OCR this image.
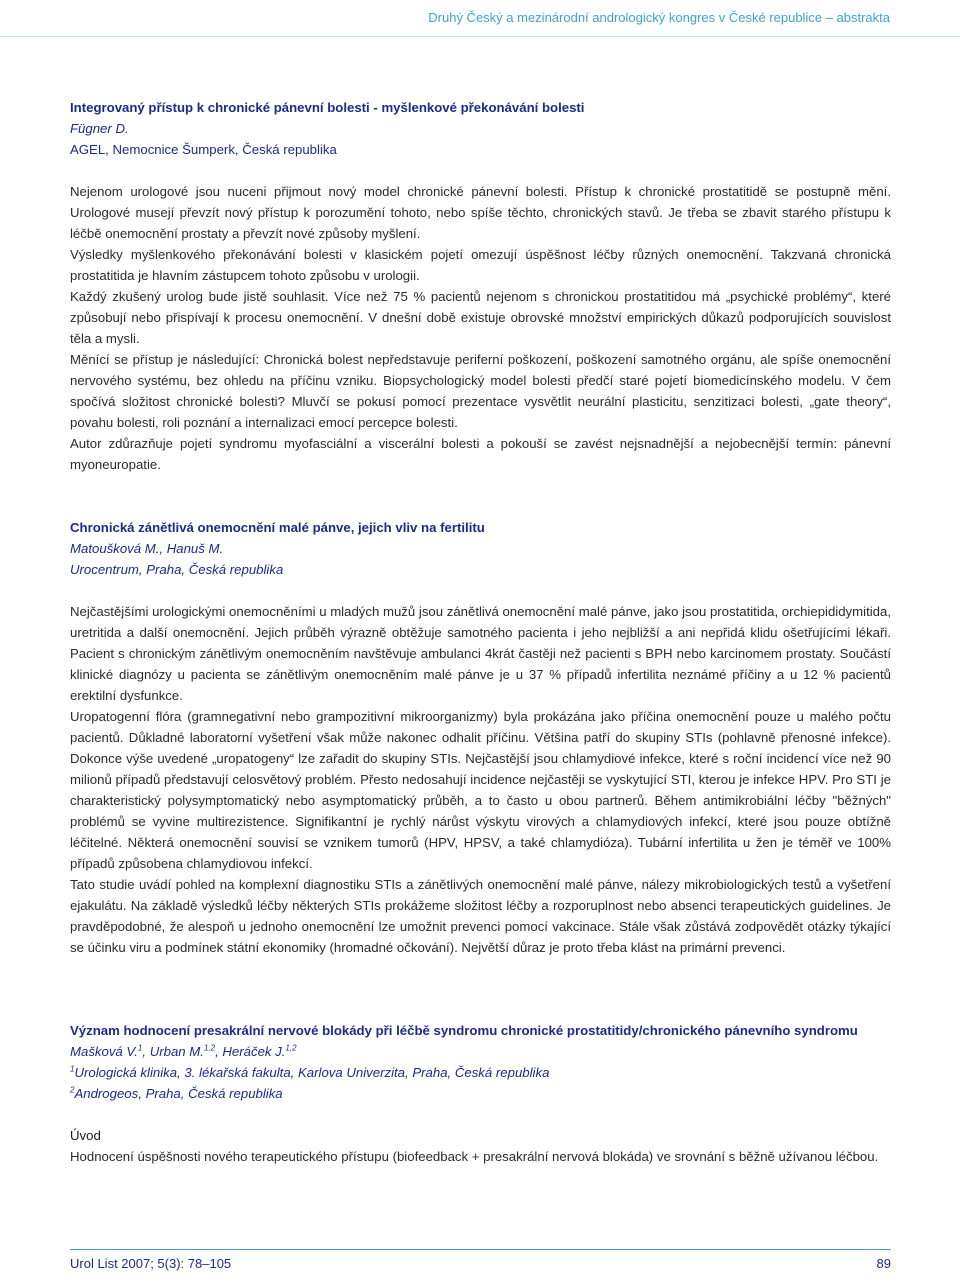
Druhý Český a mezinárodní andrologický kongres v České republice – abstrakta

Integrovaný přístup k chronické pánevní bolesti - myšlenkové překonávání bolesti

Fügner D.

AGEL, Nemocnice Šumperk, Česká republika

Nejenom urologové jsou nuceni přijmout nový model chronické pánevní bolesti. Přístup k chronické prostatitidě se postupně mění. Urologové musejí převzít nový přístup k porozumění tohoto, nebo spíše těchto, chronických stavů. Je třeba se zbavit starého přístupu k léčbě onemocnění prostaty a převzít nové způsoby myšlení.

Výsledky myšlenkového překonávání bolesti v klasickém pojetí omezují úspěšnost léčby různých onemocnění. Takzvaná chronická prostatitida je hlavním zástupcem tohoto způsobu v urologii.

Každý zkušený urolog bude jistě souhlasit. Více než 75 % pacientů nejenom s chronickou prostatitidou má „psychické problémy“, které způsobují nebo přispívají k procesu onemocnění. V dnešní době existuje obrovské množství empirických důkazů podporujících souvislost těla a mysli.

Měnící se přístup je následující: Chronická bolest nepředstavuje periferní poškození, poškození samotného orgánu, ale spíše onemocnění nervového systému, bez ohledu na příčinu vzniku. Biopsychologický model bolesti předčí staré pojetí biomedicínského modelu. V čem spočívá složitost chronické bolesti? Mluvčí se pokusí pomocí prezentace vysvětlit neurální plasticitu, senzitizaci bolesti, „gate theory“, povahu bolesti, roli poznání a internalizaci emocí percepce bolesti.

Autor zdůrazňuje pojetí syndromu myofasciální a viscerální bolesti a pokouší se zavést nejsnadnější a nejobecnější termín: pánevní myoneuropatie.

Chronická zánětlivá onemocnění malé pánve, jejich vliv na fertilitu

Matoušková M., Hanuš M.

Urocentrum, Praha, Česká republika

Nejčastějšími urologickými onemocněními u mladých mužů jsou zánětlivá onemocnění malé pánve, jako jsou prostatitida, orchiepididymitida, uretritida a další onemocnění. Jejich průběh výrazně obtěžuje samotného pacienta i jeho nejbližší a ani nepřidá klidu ošetřujícími lékaři. Pacient s chronickým zánětlivým onemocněním navštěvuje ambulanci 4krát častěji než pacienti s BPH nebo karcinomem prostaty. Součástí klinické diagnózy u pacienta se zánětlivým onemocněním malé pánve je u 37 % případů infertilita neznámé příčiny a u 12 % pacientů erektilní dysfunkce.

Uropatogenní flóra (gramnegativní nebo grampozitivní mikroorganizmy) byla prokázána jako příčina onemocnění pouze u malého počtu pacientů. Důkladné laboratorní vyšetření však může nakonec odhalit příčinu. Většina patří do skupiny STIs (pohlavně přenosné infekce). Dokonce výše uvedené „uropatogeny“ lze zařadit do skupiny STIs. Nejčastější jsou chlamydiové infekce, které s roční incidencí více než 90 milionů případů představují celosvětový problém. Přesto nedosahují incidence nejčastěji se vyskytující STI, kterou je infekce HPV. Pro STI je charakteristický polysymptomatický nebo asymptomatický průběh, a to často u obou partnerů. Během antimikrobiální léčby "běžných" problémů se vyvine multirezistence. Signifikantní je rychlý nárůst výskytu virových a chlamydiových infekcí, které jsou pouze obtížně léčitelné. Některá onemocnění souvisí se vznikem tumorů (HPV, HPSV, a také chlamydióza). Tubární infertilita u žen je téměř ve 100% případů způsobena chlamydiovou infekcí.

Tato studie uvádí pohled na komplexní diagnostiku STIs a zánětlivých onemocnění malé pánve, nálezy mikrobiologických testů a vyšetření ejakulátu. Na základě výsledků léčby některých STIs prokážeme složitost léčby a rozporuplnost nebo absenci terapeutických guidelines. Je pravděpodobné, že alespoň u jednoho onemocnění lze umožnit prevenci pomocí vakcinace. Stále však zůstává zodpovědět otázky týkající se účinku viru a podmínek státní ekonomiky (hromadné očkování). Největší důraz je proto třeba klást na primární prevenci.

Význam hodnocení presakrální nervové blokády při léčbě syndromu chronické prostatitidy/chronického pánevního syndromu

Mašková V.$^1$, Urban M.$^{1,2}$, Heráček J.$^{1,2}$

$^1$Urologická klinika, 3. lékařská fakulta, Karlova Univerzita, Praha, Česká republika

$^2$Androgeos, Praha, Česká republika

Úvod

Hodnocení úspěšnosti nového terapeutického přístupu (biofeedback + presakrální nervová blokáda) ve srovnání s běžně užívanou léčbou.

Urol List 2007; 5(3): 78–105	89
